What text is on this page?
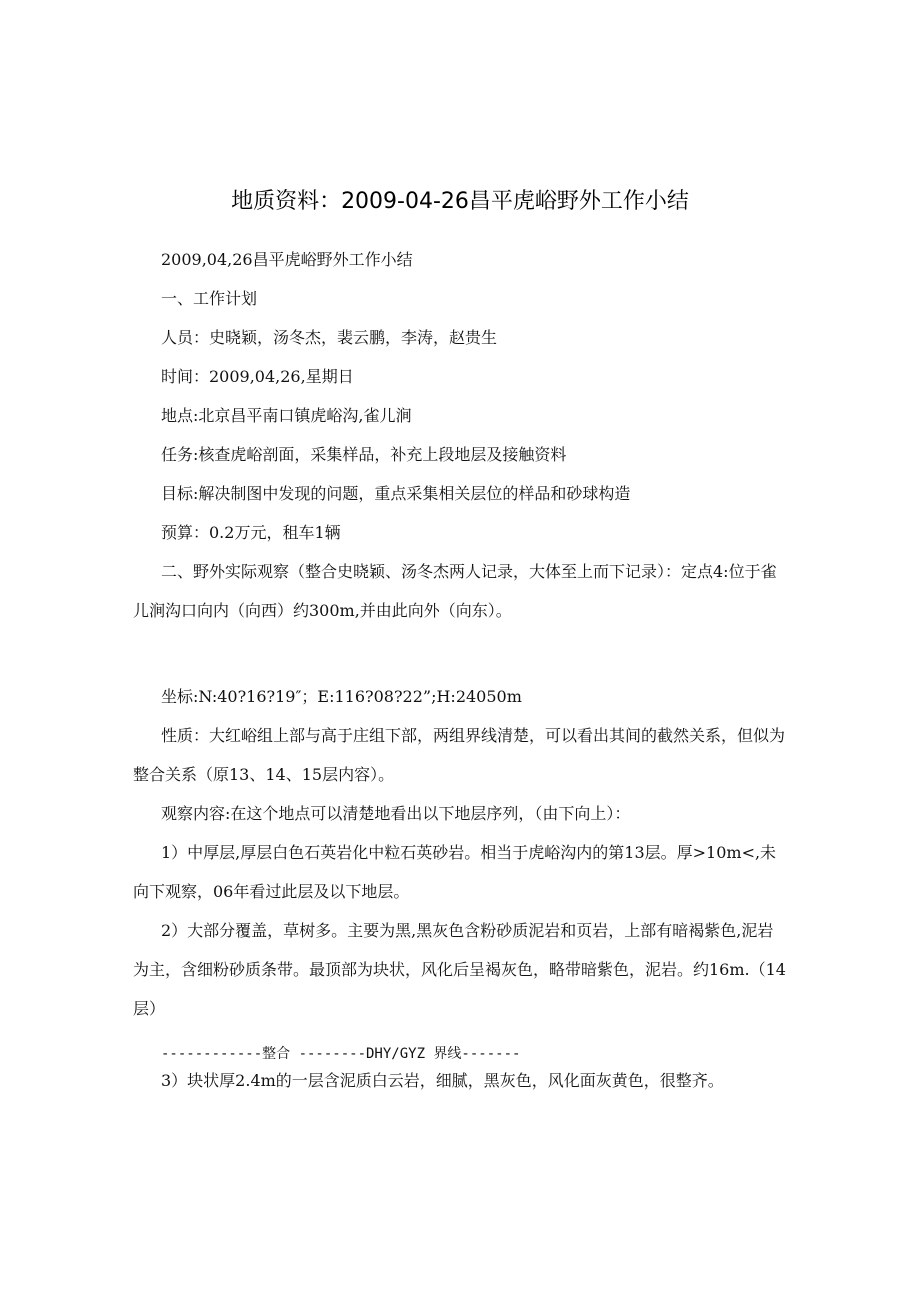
地质资料：2009-04-26昌平虎峪野外工作小结
2009,04,26昌平虎峪野外工作小结
一、工作计划
人员：史晓颖，汤冬杰，裴云鹏，李涛，赵贵生
时间：2009,04,26,星期日
地点:北京昌平南口镇虎峪沟,雀儿涧
任务:核查虎峪剖面，采集样品，补充上段地层及接触资料
目标:解决制图中发现的问题，重点采集相关层位的样品和砂球构造
预算：0.2万元，租车1辆
二、野外实际观察（整合史晓颖、汤冬杰两人记录，大体至上而下记录）：定点4:位于雀儿涧沟口向内（向西）约300m,并由此向外（向东）。
坐标:N:40?16?19″；E:116?08?22”;H:24050m
性质：大红峪组上部与高于庄组下部，两组界线清楚，可以看出其间的截然关系，但似为整合关系（原13、14、15层内容）。
观察内容:在这个地点可以清楚地看出以下地层序列，（由下向上）：
1）中厚层,厚层白色石英岩化中粒石英砂岩。相当于虎峪沟内的第13层。厚>10m<,未向下观察，06年看过此层及以下地层。
2）大部分覆盖，草树多。主要为黑,黑灰色含粉砂质泥岩和页岩，上部有暗褐紫色,泥岩为主，含细粉砂质条带。最顶部为块状，风化后呈褐灰色，略带暗紫色，泥岩。约16m.（14层）
------------整合 --------DHY/GYZ 界线-------
3）块状厚2.4m的一层含泥质白云岩，细腻，黑灰色，风化面灰黄色，很整齐。
